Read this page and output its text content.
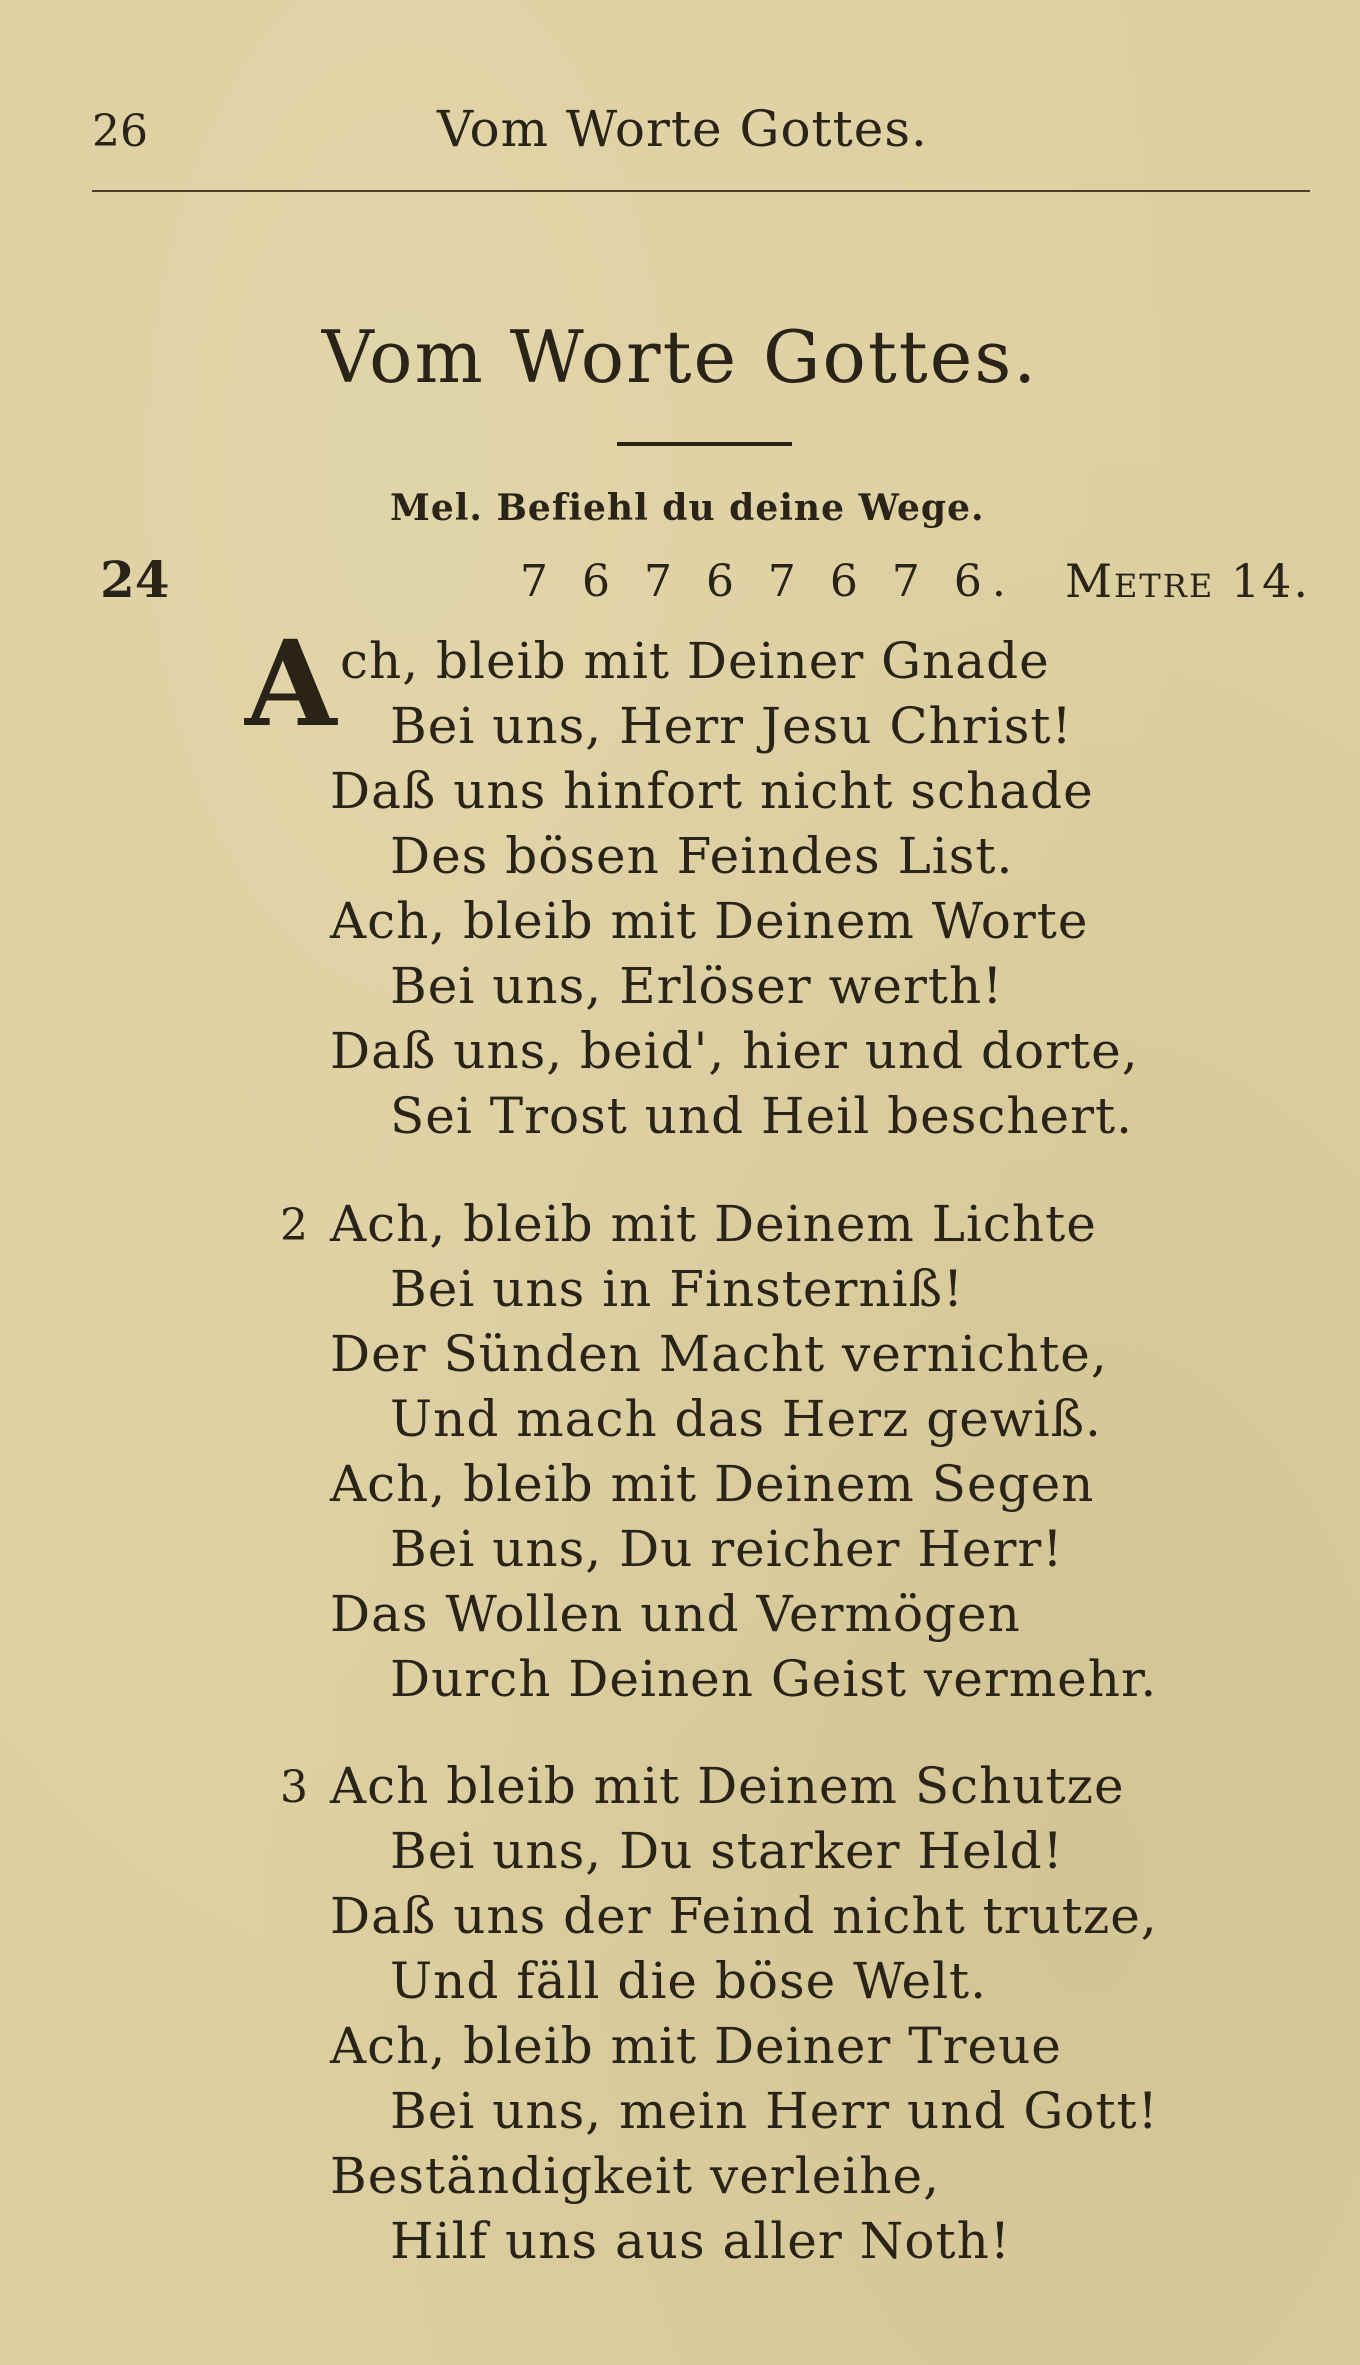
26	Vom Worte Gottes.
Vom Worte Gottes.
Mel. Befiehl du deine Wege.
24	7 6 7 6 7 6 7 6. Metre 14.
A ch, bleib mit Deiner Gnade
Bei uns, Herr Jesu Christ!
Daß uns hinfort nicht schade
Des bösen Feindes List.
Ach, bleib mit Deinem Worte
Bei uns, Erlöser werth!
Daß uns, beid', hier und dorte,
Sei Trost und Heil beschert.
2 Ach, bleib mit Deinem Lichte
Bei uns in Finsterniß!
Der Sünden Macht vernichte,
Und mach das Herz gewiß.
Ach, bleib mit Deinem Segen
Bei uns, Du reicher Herr!
Das Wollen und Vermögen
Durch Deinen Geist vermehr.
3 Ach bleib mit Deinem Schutze
Bei uns, Du starker Held!
Daß uns der Feind nicht trutze,
Und fäll die böse Welt.
Ach, bleib mit Deiner Treue
Bei uns, mein Herr und Gott!
Beständigkeit verleihe,
Hilf uns aus aller Noth!
